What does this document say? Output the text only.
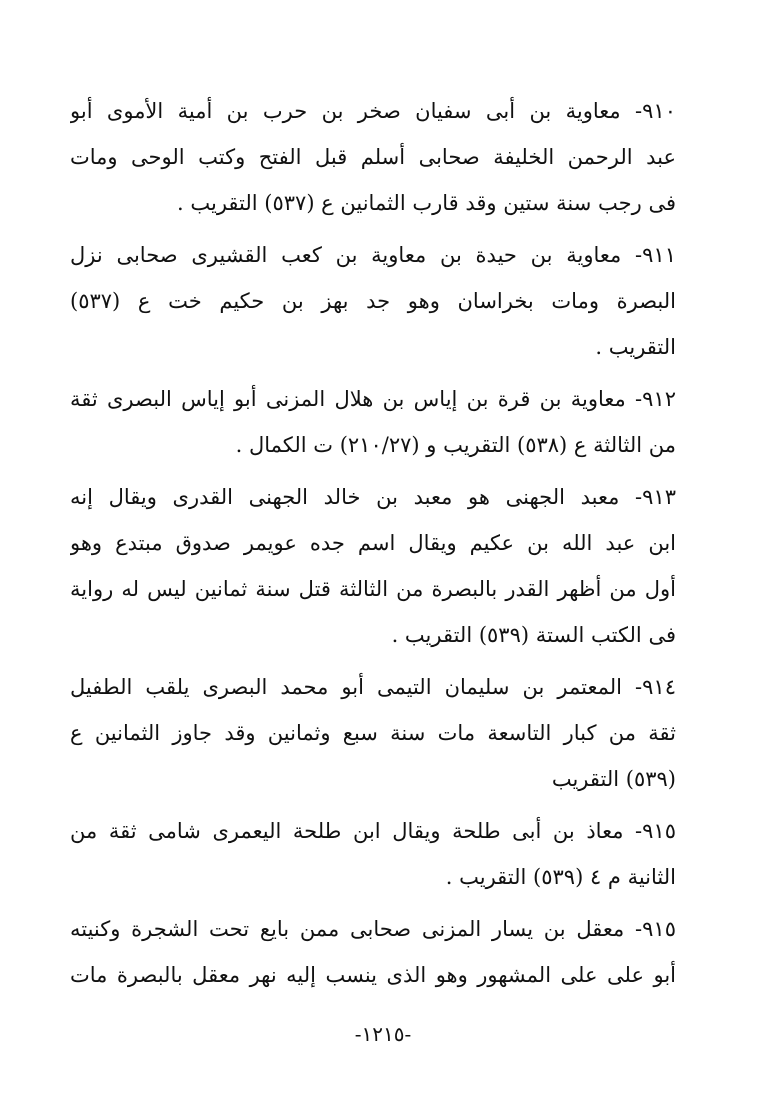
٩١٠- معاوية بن أبى سفيان صخر بن حرب بن أمية الأموى أبو
عبد الرحمن الخليفة صحابى أسلم قبل الفتح وكتب الوحى ومات
فى رجب سنة ستين وقد قارب الثمانين ع (٥٣٧) التقريب .
٩١١- معاوية بن حيدة بن معاوية بن كعب القشيرى صحابى نزل
البصرة ومات بخراسان وهو جد بهز بن حكيم خت ع (٥٣٧)
التقريب .
٩١٢- معاوية بن قرة بن إياس بن هلال المزنى أبو إياس البصرى ثقة
من الثالثة ع (٥٣٨) التقريب و (٢١٠/٢٧) ت الكمال .
٩١٣- معبد الجهنى هو معبد بن خالد الجهنى القدرى ويقال إنه
ابن عبد الله بن عكيم ويقال اسم جده عويمر صدوق مبتدع وهو
أول من أظهر القدر بالبصرة من الثالثة قتل سنة ثمانين ليس له رواية
فى الكتب الستة (٥٣٩) التقريب .
٩١٤- المعتمر بن سليمان التيمى أبو محمد البصرى يلقب الطفيل
ثقة من كبار التاسعة مات سنة سبع وثمانين وقد جاوز الثمانين ع
(٥٣٩) التقريب
٩١٥- معاذ بن أبى طلحة ويقال ابن طلحة اليعمرى شامى ثقة من
الثانية م ٤ (٥٣٩) التقريب .
٩١٥َ- معقل بن يسار المزنى صحابى ممن بايع تحت الشجرة وكنيته
أبو على على المشهور وهو الذى ينسب إليه نهر معقل بالبصرة مات
-١٢١٥-
